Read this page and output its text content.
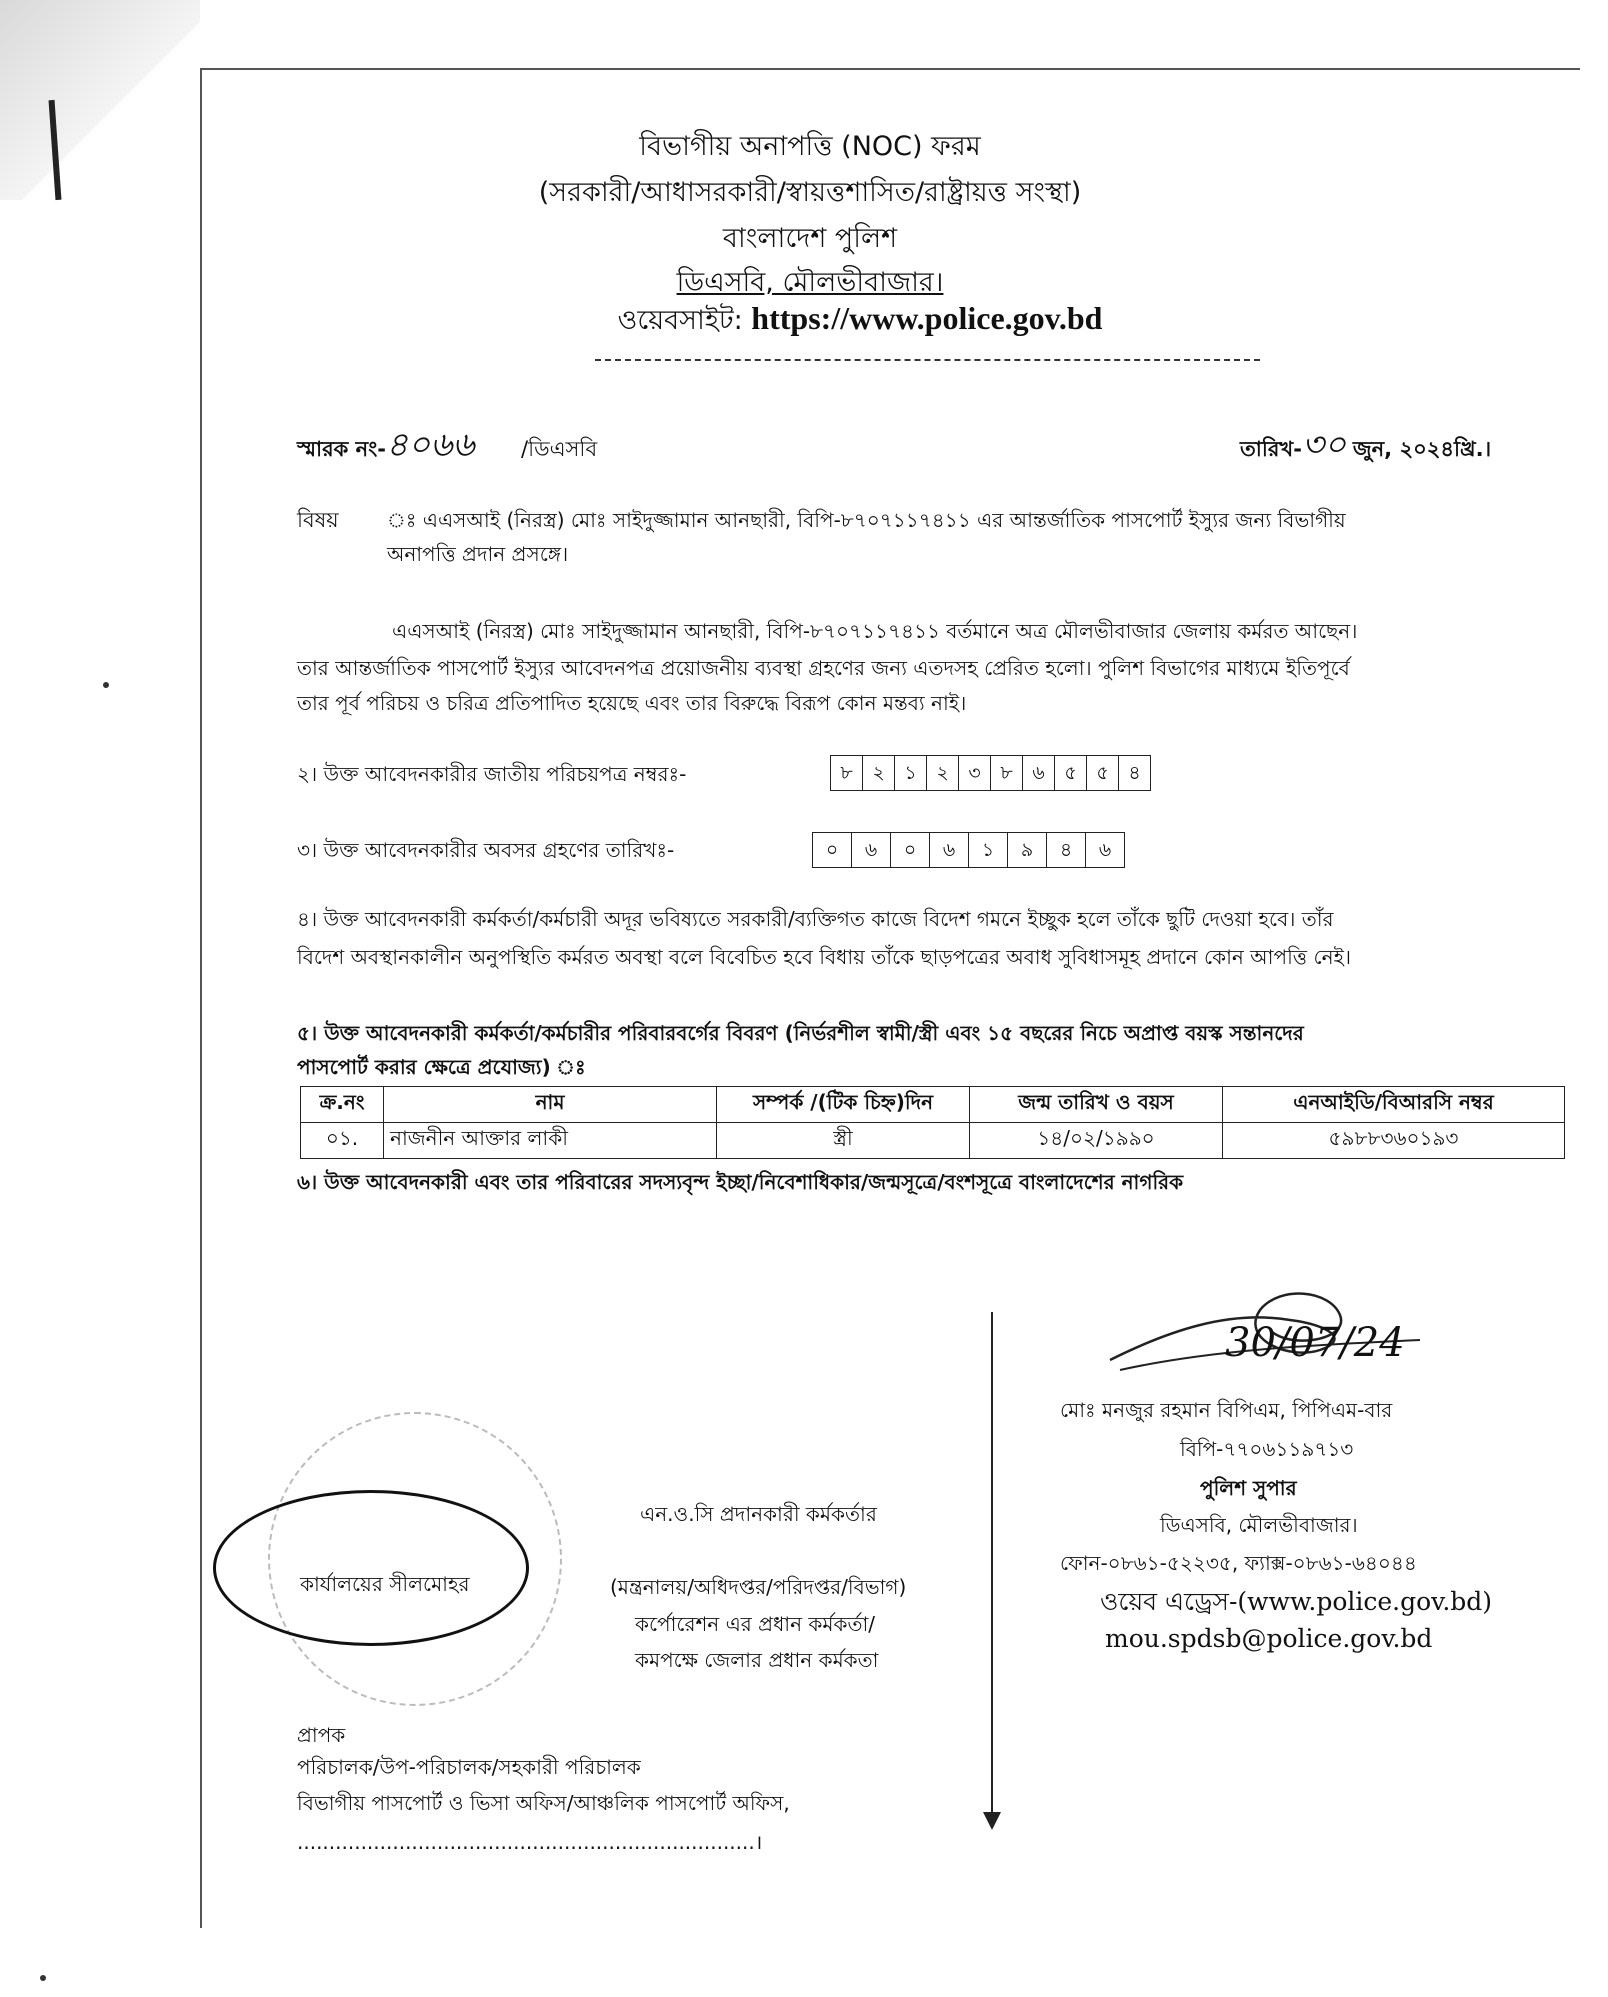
বিভাগীয় অনাপত্তি (NOC) ফরম
(সরকারী/আধাসরকারী/স্বায়ত্তশাসিত/রাষ্ট্রায়ত্ত সংস্থা)
বাংলাদেশ পুলিশ
ডিএসবি, মৌলভীবাজার।
ওয়েবসাইট: https://www.police.gov.bd
স্মারক নং-৪০৬৬ /ডিএসবি	তারিখ-৩০ জুন, ২০২৪খ্রি.।
বিষয় ঃ এএসআই (নিরস্ত্র) মোঃ সাইদুজ্জামান আনছারী, বিপি-৮৭০৭১১৭৪১১ এর আন্তর্জাতিক পাসপোর্ট ইস্যুর জন্য বিভাগীয়
অনাপত্তি প্রদান প্রসঙ্গে।
এএসআই (নিরস্ত্র) মোঃ সাইদুজ্জামান আনছারী, বিপি-৮৭০৭১১৭৪১১ বর্তমানে অত্র মৌলভীবাজার জেলায় কর্মরত আছেন।
তার আন্তর্জাতিক পাসপোর্ট ইস্যুর আবেদনপত্র প্রয়োজনীয় ব্যবস্থা গ্রহণের জন্য এতদসহ প্রেরিত হলো। পুলিশ বিভাগের মাধ্যমে ইতিপূর্বে
তার পূর্ব পরিচয় ও চরিত্র প্রতিপাদিত হয়েছে এবং তার বিরুদ্ধে বিরূপ কোন মন্তব্য নাই।
২। উক্ত আবেদনকারীর জাতীয় পরিচয়পত্র নম্বরঃ-	৮	২	১	২	৩	৮	৬	৫	৫	৪
৩। উক্ত আবেদনকারীর অবসর গ্রহণের তারিখঃ-	০	৬	০	৬	১	৯	৪	৬
৪। উক্ত আবেদনকারী কর্মকর্তা/কর্মচারী অদূর ভবিষ্যতে সরকারী/ব্যক্তিগত কাজে বিদেশ গমনে ইচ্ছুক হলে তাঁকে ছুটি দেওয়া হবে। তাঁর
বিদেশ অবস্থানকালীন অনুপস্থিতি কর্মরত অবস্থা বলে বিবেচিত হবে বিধায় তাঁকে ছাড়পত্রের অবাধ সুবিধাসমূহ প্রদানে কোন আপত্তি নেই।
৫। উক্ত আবেদনকারী কর্মকর্তা/কর্মচারীর পরিবারবর্গের বিবরণ (নির্ভরশীল স্বামী/স্ত্রী এবং ১৫ বছরের নিচে অপ্রাপ্ত বয়স্ক সন্তানদের
পাসপোর্ট করার ক্ষেত্রে প্রযোজ্য) ঃ
ক্র.নং	নাম	সম্পর্ক /(টিক চিহ্ন)দিন	জন্ম তারিখ ও বয়স	এনআইডি/বিআরসি নম্বর
০১.	নাজনীন আক্তার লাকী	স্ত্রী	১৪/০২/১৯৯০	৫৯৮৮৩৬০১৯৩
৬। উক্ত আবেদনকারী এবং তার পরিবারের সদস্যবৃন্দ ইচ্ছা/নিবেশাধিকার/জন্মসূত্রে/বংশসূত্রে বাংলাদেশের নাগরিক
30/07/24
মোঃ মনজুর রহমান বিপিএম, পিপিএম-বার
বিপি-৭৭০৬১১৯৭১৩
পুলিশ সুপার
ডিএসবি, মৌলভীবাজার।
ফোন-০৮৬১-৫২২৩৫, ফ্যাক্স-০৮৬১-৬৪০৪৪
ওয়েব এড্রেস-(www.police.gov.bd)
mou.spdsb@police.gov.bd
কার্যালয়ের সীলমোহর
এন.ও.সি প্রদানকারী কর্মকর্তার
(মন্ত্রনালয়/অধিদপ্তর/পরিদপ্তর/বিভাগ)
কর্পোরেশন এর প্রধান কর্মকর্তা/
কমপক্ষে জেলার প্রধান কর্মকতা
প্রাপক
পরিচালক/উপ-পরিচালক/সহকারী পরিচালক
বিভাগীয় পাসপোর্ট ও ভিসা অফিস/আঞ্চলিক পাসপোর্ট অফিস,
........................................................................।
